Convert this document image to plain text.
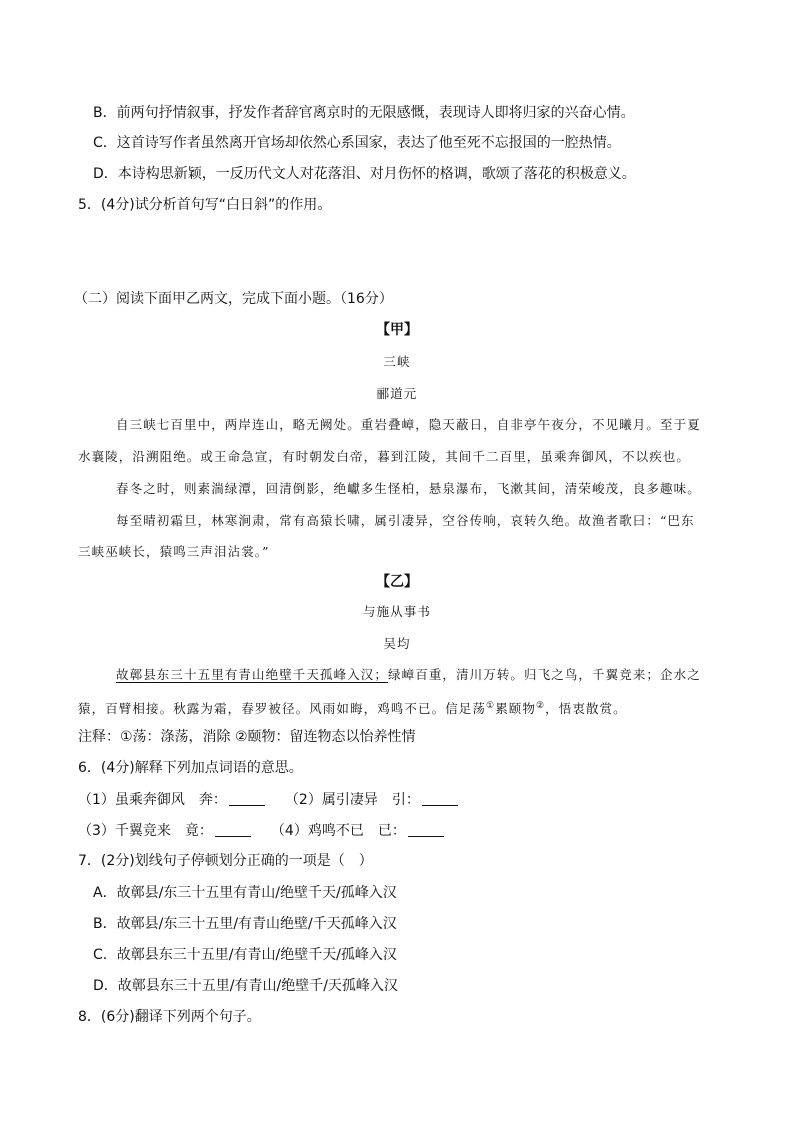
B．前两句抒情叙事，抒发作者辞官离京时的无限感慨，表现诗人即将归家的兴奋心情。
C．这首诗写作者虽然离开官场却依然心系国家，表达了他至死不忘报国的一腔热情。
D．本诗构思新颖，一反历代文人对花落泪、对月伤怀的格调，歌颂了落花的积极意义。
5．(4分)试分析首句写“白日斜”的作用。
（二）阅读下面甲乙两文，完成下面小题。（16分）
【甲】
三峡
郦道元
自三峡七百里中，两岸连山，略无阙处。重岩叠嶂，隐天蔽日，自非亭午夜分，不见曦月。至于夏
水襄陵，沿溯阻绝。或王命急宣，有时朝发白帝，暮到江陵，其间千二百里，虽乘奔御风，不以疾也。
春冬之时，则素湍绿潭，回清倒影，绝巘多生怪柏，悬泉瀑布，飞漱其间，清荣峻茂，良多趣味。
每至晴初霜旦，林寒涧肃，常有高猿长啸，属引凄异，空谷传响，哀转久绝。故渔者歌曰：“巴东
三峡巫峡长，猿鸣三声泪沾裳。”
【乙】
与施从事书
吴均
故鄣县东三十五里有青山绝壁千天孤峰入汉；绿嶂百重，清川万转。归飞之鸟，千翼竞来；企水之
猿，百臂相接。秋露为霜，春罗被径。风雨如晦，鸡鸣不已。信足荡①累颐物②，悟衷散赏。
注释：①荡：涤荡，消除 ②颐物：留连物态以怡养性情
6．(4分)解释下列加点词语的意思。
（1）虽乘奔御风　奔：	（2）属引凄异　引：
（3）千翼竞来　竟：	（4）鸡鸣不已　已：
7．(2分)划线句子停顿划分正确的一项是（　）
A．故鄣县/东三十五里有青山/绝壁千天/孤峰入汉
B．故鄣县/东三十五里/有青山绝壁/千天孤峰入汉
C．故鄣县东三十五里/有青山/绝壁千天/孤峰入汉
D．故鄣县东三十五里/有青山/绝壁千/天孤峰入汉
8．(6分)翻译下列两个句子。
